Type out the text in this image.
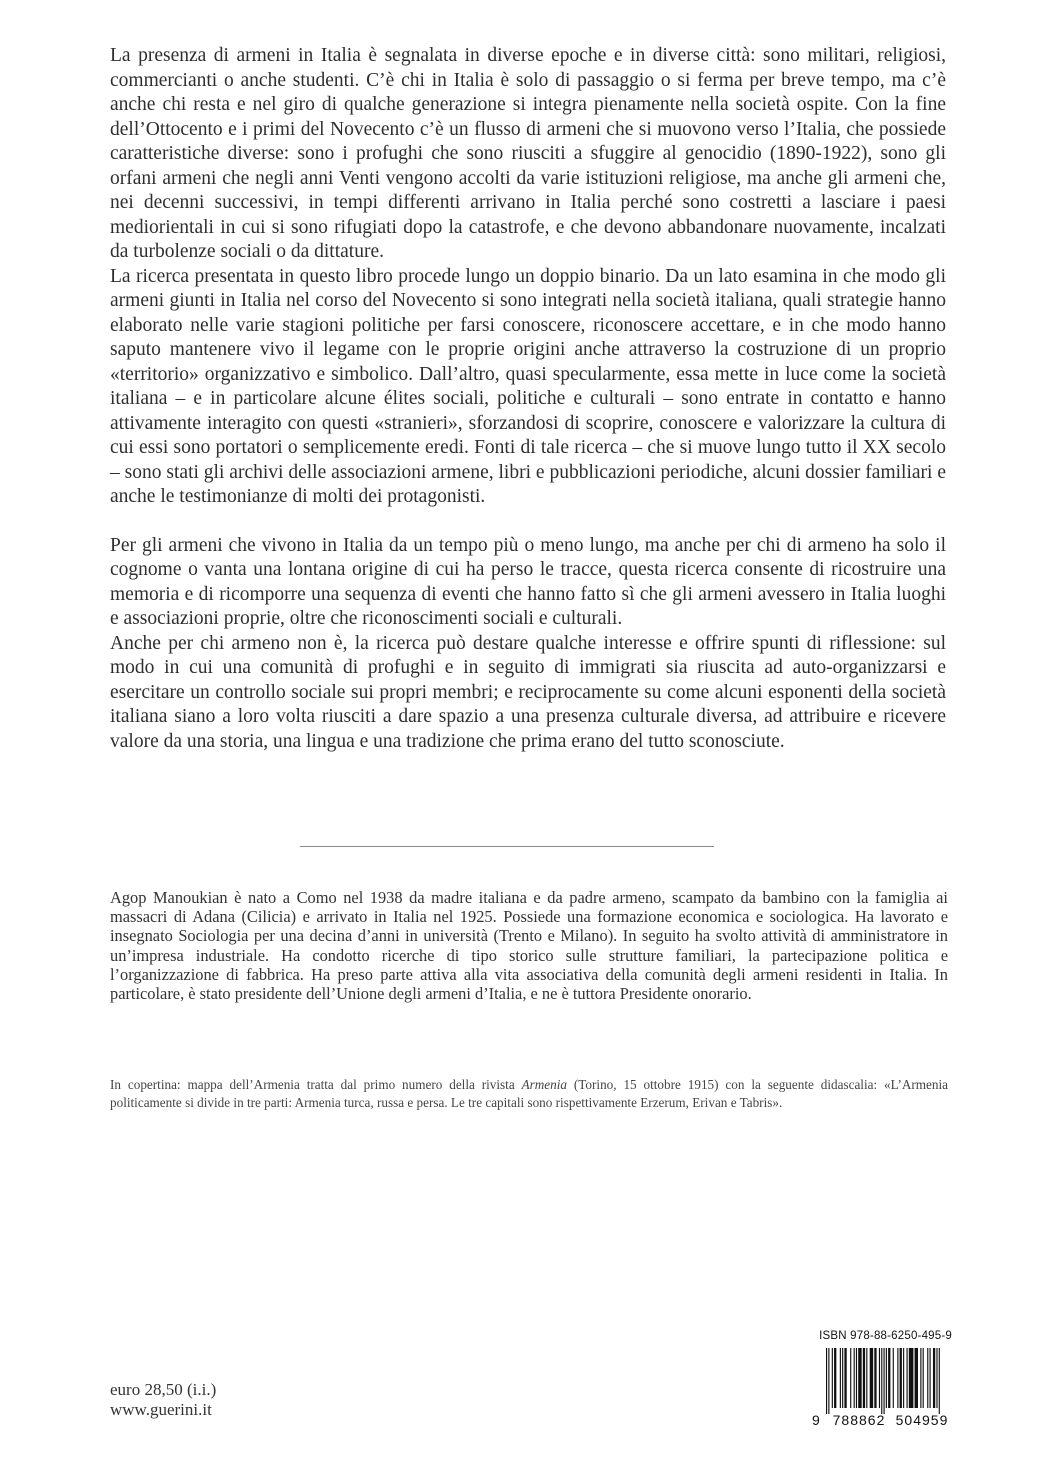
La presenza di armeni in Italia è segnalata in diverse epoche e in diverse città: sono militari, religiosi, commercianti o anche studenti. C’è chi in Italia è solo di passaggio o si ferma per breve tempo, ma c’è anche chi resta e nel giro di qualche generazione si integra pienamente nella società ospite. Con la fine dell’Ottocento e i primi del Novecento c’è un flusso di armeni che si muovono verso l’Italia, che possiede caratteristiche diverse: sono i profughi che sono riusciti a sfuggire al genocidio (1890-1922), sono gli orfani armeni che negli anni Venti vengono accolti da varie istituzioni religiose, ma anche gli armeni che, nei decenni successivi, in tempi differenti arrivano in Italia perché sono costretti a lasciare i paesi mediorientali in cui si sono rifugiati dopo la catastrofe, e che devono abbandonare nuovamente, incalzati da turbolenze sociali o da dittature.

La ricerca presentata in questo libro procede lungo un doppio binario. Da un lato esamina in che modo gli armeni giunti in Italia nel corso del Novecento si sono integrati nella società italiana, quali strategie hanno elaborato nelle varie stagioni politiche per farsi conoscere, riconoscere accettare, e in che modo hanno saputo mantenere vivo il legame con le proprie origini anche attraverso la costruzione di un proprio «territorio» organizzativo e simbolico. Dall’altro, quasi specularmente, essa mette in luce come la società italiana – e in particolare alcune élites sociali, politiche e culturali – sono entrate in contatto e hanno attivamente interagito con questi «stranieri», sforzandosi di scoprire, conoscere e valorizzare la cultura di cui essi sono portatori o semplicemente eredi. Fonti di tale ricerca – che si muove lungo tutto il XX secolo – sono stati gli archivi delle associazioni armene, libri e pubblicazioni periodiche, alcuni dossier familiari e anche le testimonianze di molti dei protagonisti.

Per gli armeni che vivono in Italia da un tempo più o meno lungo, ma anche per chi di armeno ha solo il cognome o vanta una lontana origine di cui ha perso le tracce, questa ricerca consente di ricostruire una memoria e di ricomporre una sequenza di eventi che hanno fatto sì che gli armeni avessero in Italia luoghi e associazioni proprie, oltre che riconoscimenti sociali e culturali.

Anche per chi armeno non è, la ricerca può destare qualche interesse e offrire spunti di riflessione: sul modo in cui una comunità di profughi e in seguito di immigrati sia riuscita ad auto-organizzarsi e esercitare un controllo sociale sui propri membri; e reciprocamente su come alcuni esponenti della società italiana siano a loro volta riusciti a dare spazio a una presenza culturale diversa, ad attribuire e ricevere valore da una storia, una lingua e una tradizione che prima erano del tutto sconosciute.

Agop Manoukian è nato a Como nel 1938 da madre italiana e da padre armeno, scampato da bambino con la famiglia ai massacri di Adana (Cilicia) e arrivato in Italia nel 1925. Possiede una formazione economica e sociologica. Ha lavorato e insegnato Sociologia per una decina d’anni in università (Trento e Milano). In seguito ha svolto attività di amministratore in un’impresa industriale. Ha condotto ricerche di tipo storico sulle strutture familiari, la partecipazione politica e l’organizzazione di fabbrica. Ha preso parte attiva alla vita associativa della comunità degli armeni residenti in Italia. In particolare, è stato presidente dell’Unione degli armeni d’Italia, e ne è tuttora Presidente onorario.

In copertina: mappa dell’Armenia tratta dal primo numero della rivista Armenia (Torino, 15 ottobre 1915) con la seguente didascalia: «L’Armenia politicamente si divide in tre parti: Armenia turca, russa e persa. Le tre capitali sono rispettivamente Erzerum, Erivan e Tabris».

euro 28,50 (i.i.)
www.guerini.it
ISBN 978-88-6250-495-9
9 788862 504959
